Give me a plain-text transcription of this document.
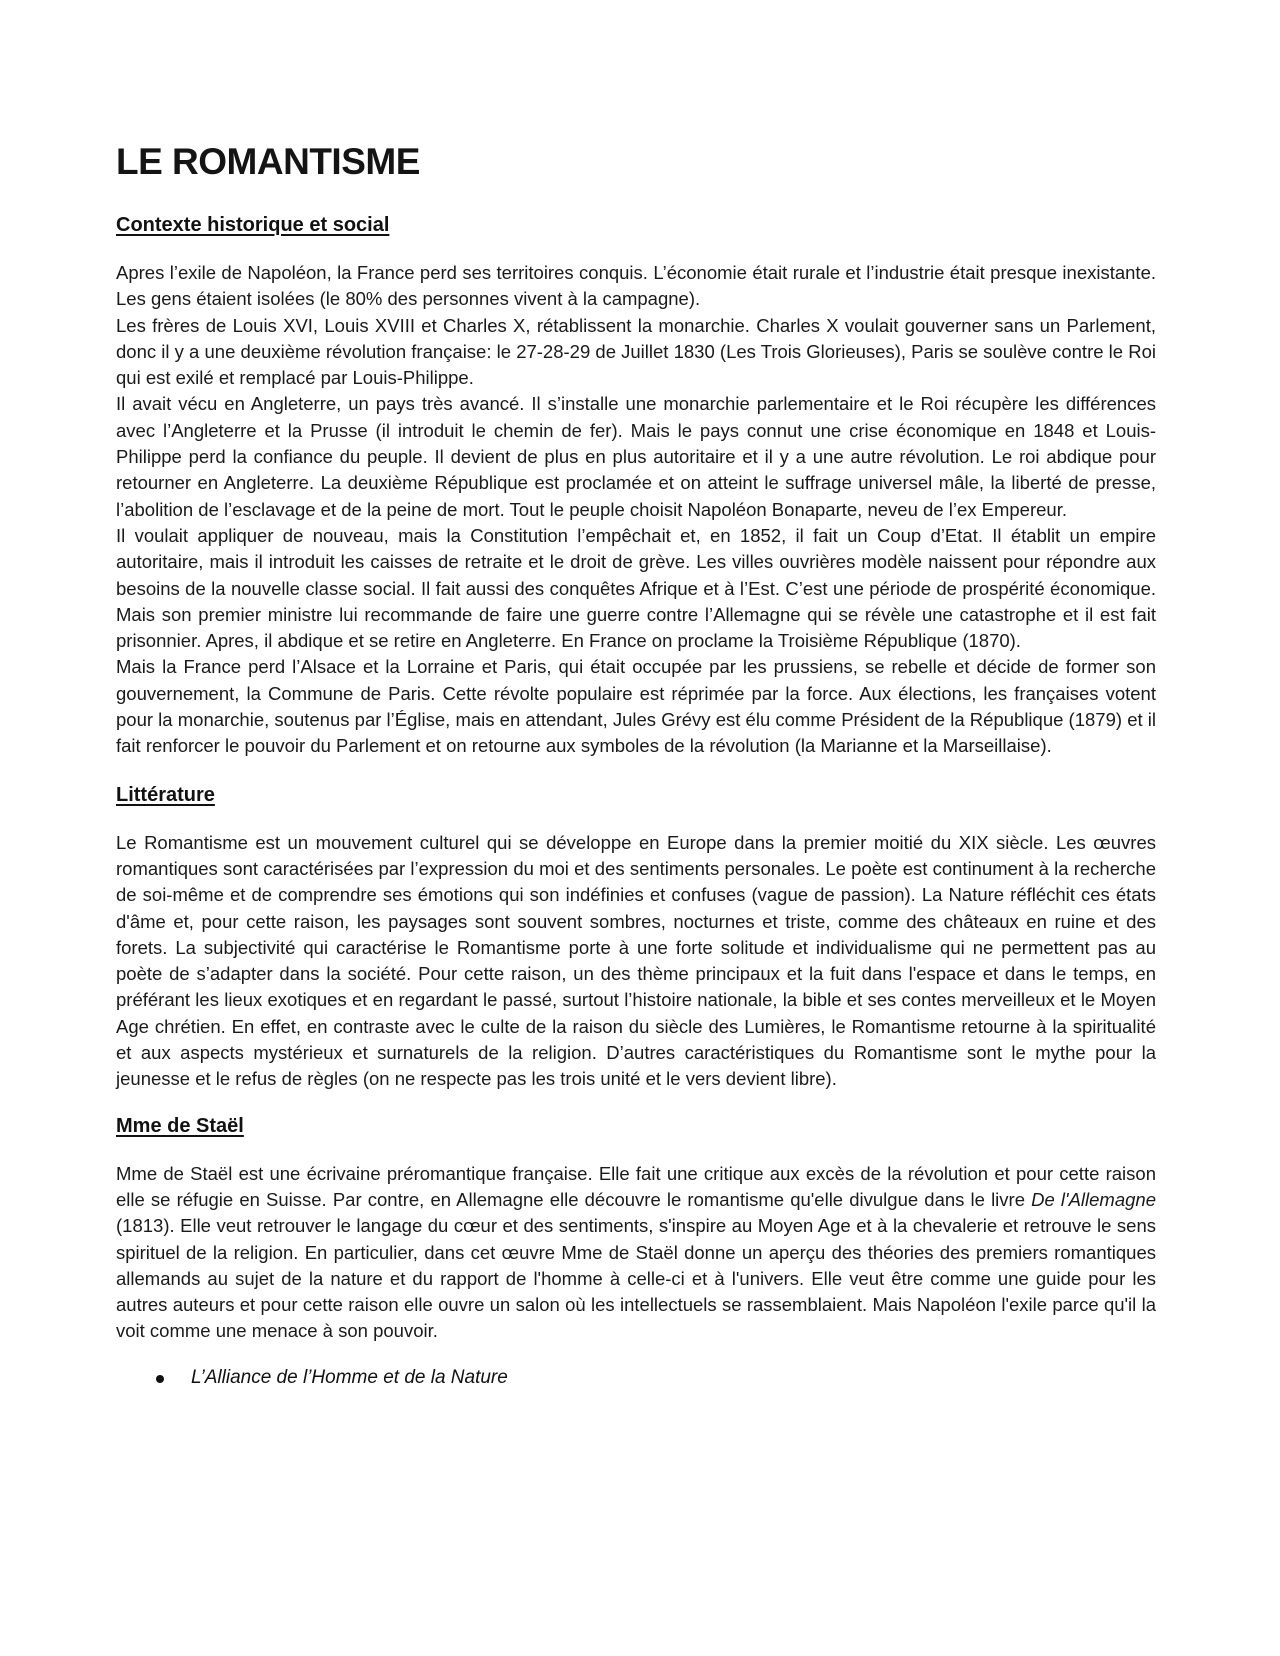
LE ROMANTISME
Contexte historique et social

Apres l’exile de Napoléon, la France perd ses territoires conquis. L’économie était rurale et l’industrie était presque inexistante. Les gens étaient isolées (le 80% des personnes vivent à la campagne).

Les frères de Louis XVI, Louis XVIII et Charles X, rétablissent la monarchie. Charles X voulait gouverner sans un Parlement, donc il y a une deuxième révolution française: le 27-28-29 de Juillet 1830 (Les Trois Glorieuses), Paris se soulève contre le Roi qui est exilé et remplacé par Louis-Philippe.

Il avait vécu en Angleterre, un pays très avancé. Il s’installe une monarchie parlementaire et le Roi récupère les différences avec l’Angleterre et la Prusse (il introduit le chemin de fer). Mais le pays connut une crise économique en 1848 et Louis-Philippe perd la confiance du peuple. Il devient de plus en plus autoritaire et il y a une autre révolution. Le roi abdique pour retourner en Angleterre. La deuxième République est proclamée et on atteint le suffrage universel mâle, la liberté de presse, l’abolition de l’esclavage et de la peine de mort. Tout le peuple choisit Napoléon Bonaparte, neveu de l’ex Empereur.

Il voulait appliquer de nouveau, mais la Constitution l’empêchait et, en 1852, il fait un Coup d’Etat. Il établit un empire autoritaire, mais il introduit les caisses de retraite et le droit de grève. Les villes ouvrières modèle naissent pour répondre aux besoins de la nouvelle classe social. Il fait aussi des conquêtes Afrique et à l’Est. C’est une période de prospérité économique. Mais son premier ministre lui recommande de faire une guerre contre l’Allemagne qui se révèle une catastrophe et il est fait prisonnier. Apres, il abdique et se retire en Angleterre. En France on proclame la Troisième République (1870).

Mais la France perd l’Alsace et la Lorraine et Paris, qui était occupée par les prussiens, se rebelle et décide de former son gouvernement, la Commune de Paris. Cette révolte populaire est réprimée par la force. Aux élections, les françaises votent pour la monarchie, soutenus par l’Église, mais en attendant, Jules Grévy est élu comme Président de la République (1879) et il fait renforcer le pouvoir du Parlement et on retourne aux symboles de la révolution (la Marianne et la Marseillaise).

Littérature

Le Romantisme est un mouvement culturel qui se développe en Europe dans la premier moitié du XIX siècle. Les œuvres romantiques sont caractérisées par l’expression du moi et des sentiments personales. Le poète est continument à la recherche de soi-même et de comprendre ses émotions qui son indéfinies et confuses (vague de passion). La Nature réfléchit ces états d'âme et, pour cette raison, les paysages sont souvent sombres, nocturnes et triste, comme des châteaux en ruine et des forets. La subjectivité qui caractérise le Romantisme porte à une forte solitude et individualisme qui ne permettent pas au poète de s’adapter dans la société. Pour cette raison, un des thème principaux et la fuit dans l'espace et dans le temps, en préférant les lieux exotiques et en regardant le passé, surtout l’histoire nationale, la bible et ses contes merveilleux et le Moyen Age chrétien. En effet, en contraste avec le culte de la raison du siècle des Lumières, le Romantisme retourne à la spiritualité et aux aspects mystérieux et surnaturels de la religion. D’autres caractéristiques du Romantisme sont le mythe pour la jeunesse et le refus de règles (on ne respecte pas les trois unité et le vers devient libre).

Mme de Staël

Mme de Staël est une écrivaine préromantique française. Elle fait une critique aux excès de la révolution et pour cette raison elle se réfugie en Suisse. Par contre, en Allemagne elle découvre le romantisme qu'elle divulgue dans le livre De l'Allemagne (1813). Elle veut retrouver le langage du cœur et des sentiments, s'inspire au Moyen Age et à la chevalerie et retrouve le sens spirituel de la religion. En particulier, dans cet œuvre Mme de Staël donne un aperçu des théories des premiers romantiques allemands au sujet de la nature et du rapport de l'homme à celle-ci et à l'univers. Elle veut être comme une guide pour les autres auteurs et pour cette raison elle ouvre un salon où les intellectuels se rassemblaient. Mais Napoléon l'exile parce qu'il la voit comme une menace à son pouvoir.

L’Alliance de l’Homme et de la Nature
